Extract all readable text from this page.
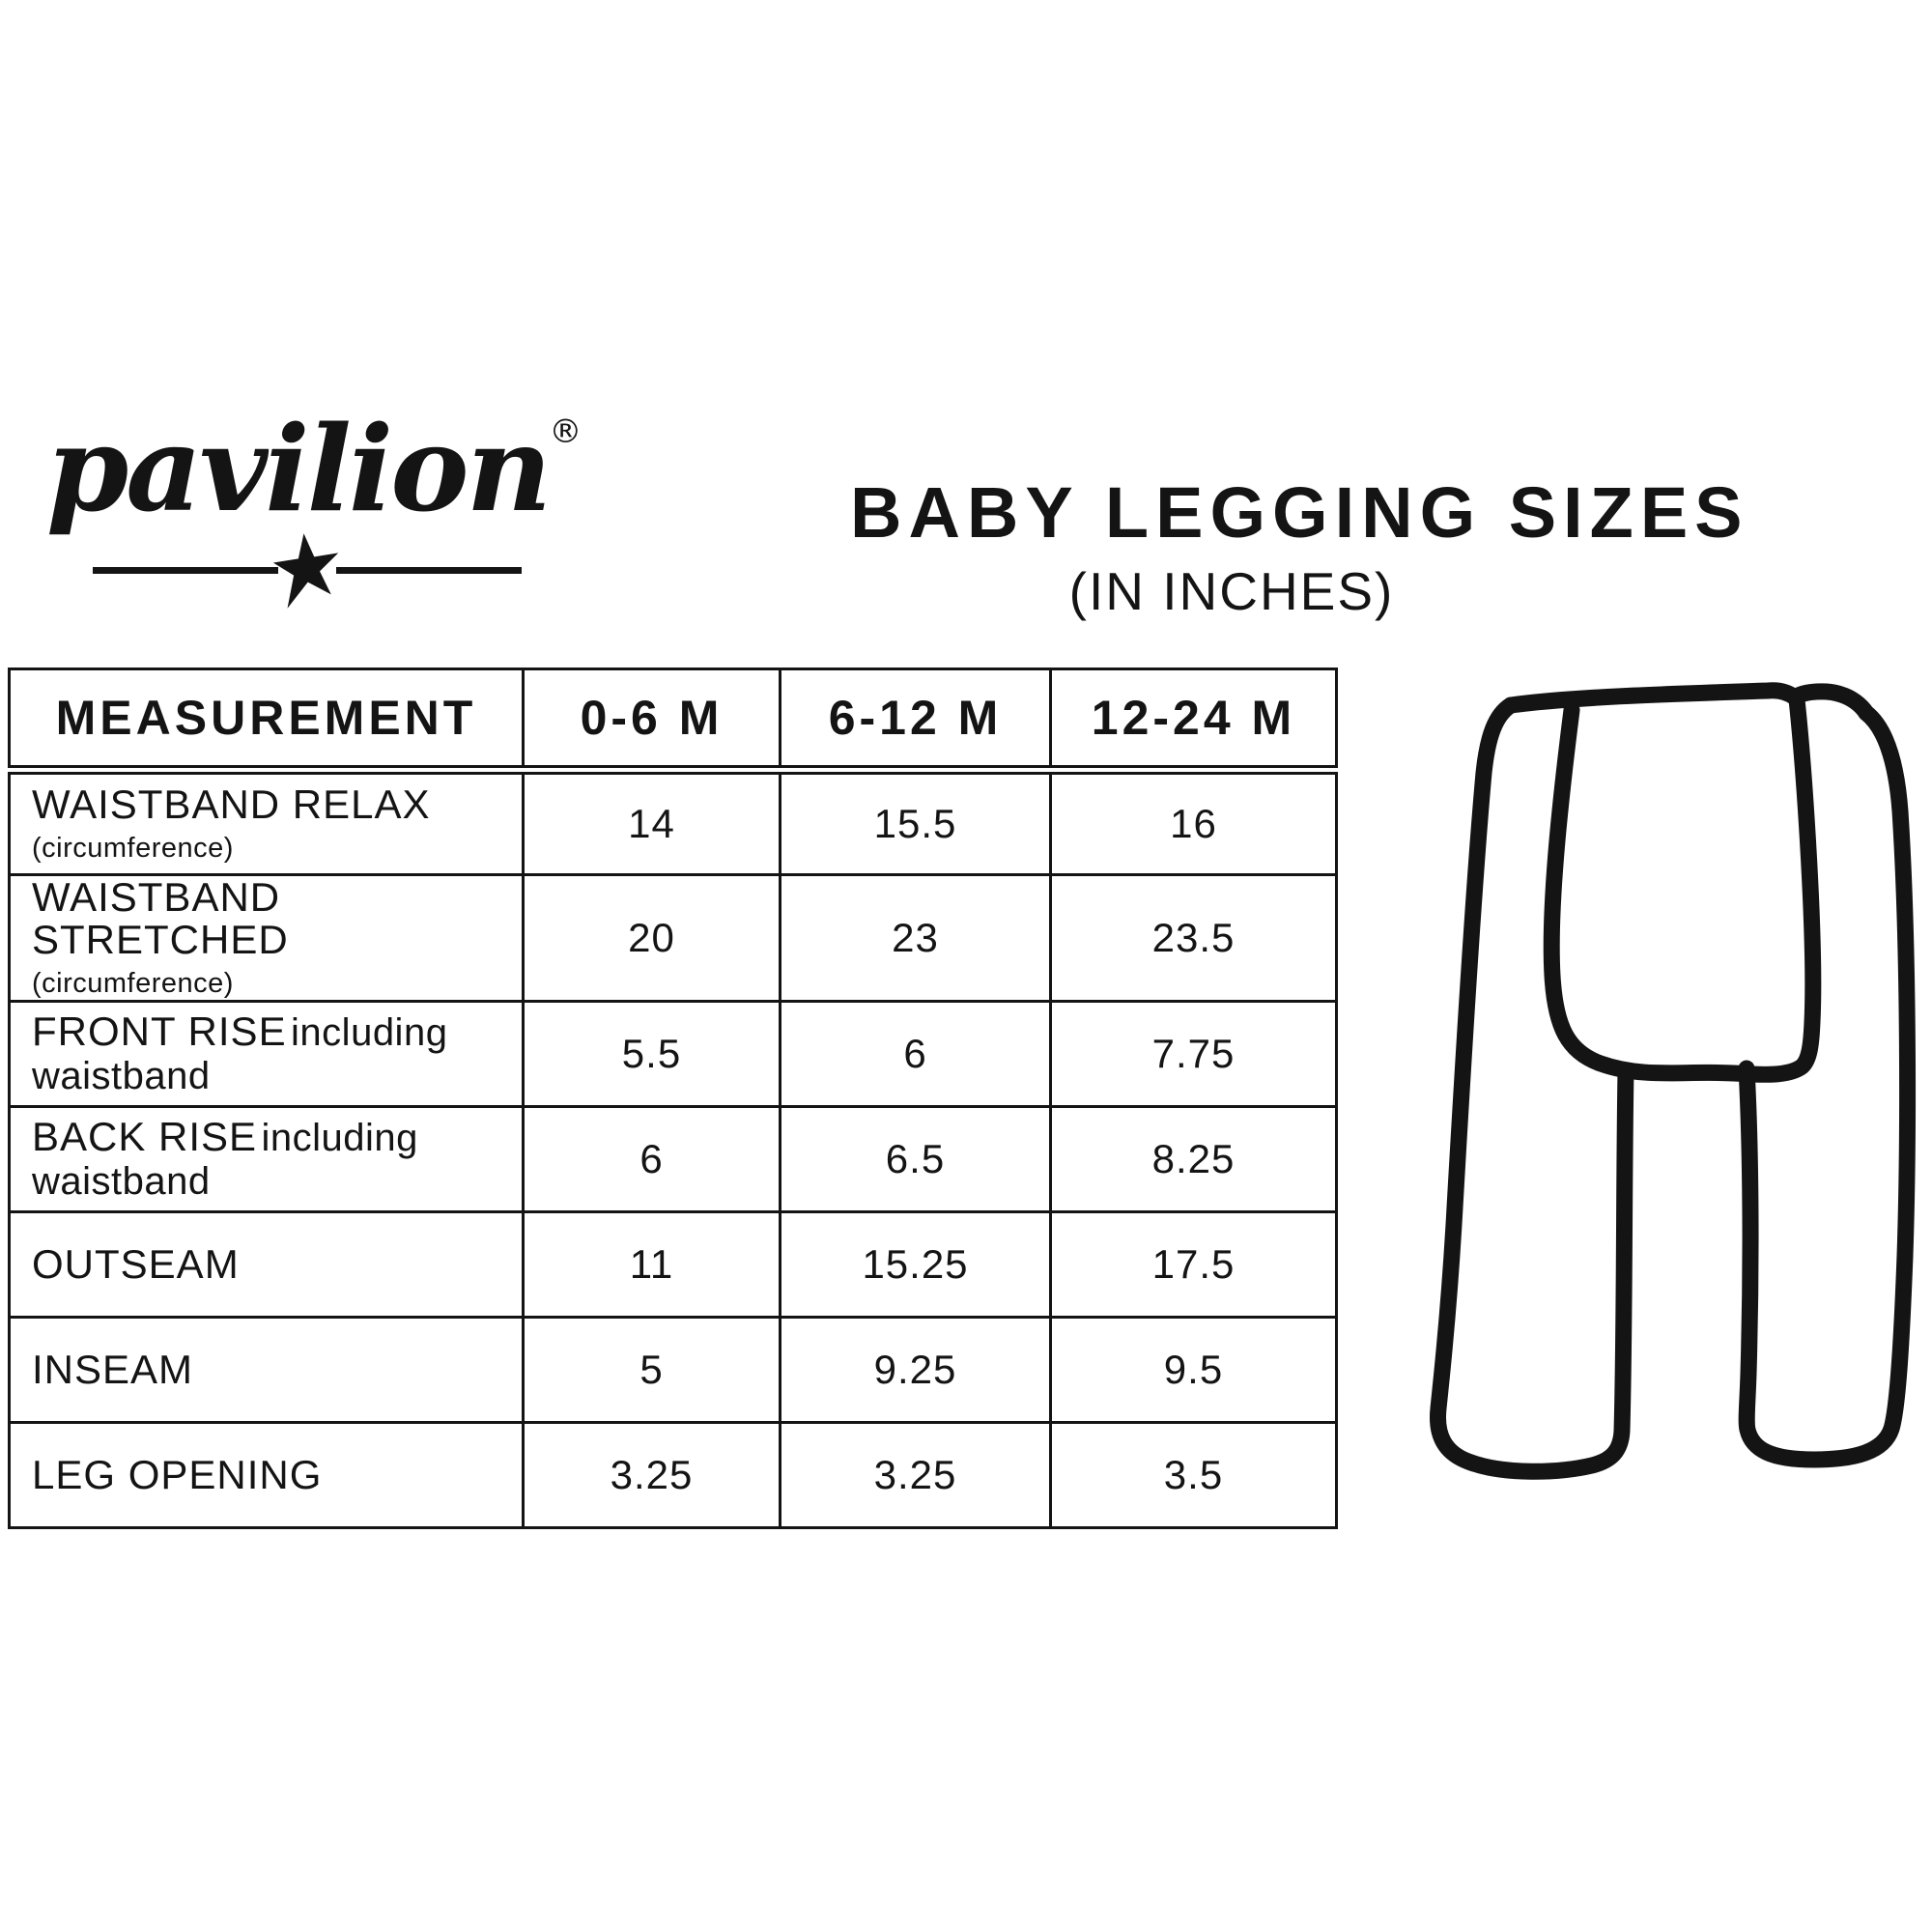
pavilion®
BABY LEGGING SIZES
(IN INCHES)
MEASUREMENT	0-6 M	6-12 M	12-24 M
WAISTBAND RELAX
(circumference)	14	15.5	16
WAISTBAND STRETCHED
(circumference)	20	23	23.5
FRONT RISE including waistband	5.5	6	7.75
BACK RISE including waistband	6	6.5	8.25
OUTSEAM	11	15.25	17.5
INSEAM	5	9.25	9.5
LEG OPENING	3.25	3.25	3.5
